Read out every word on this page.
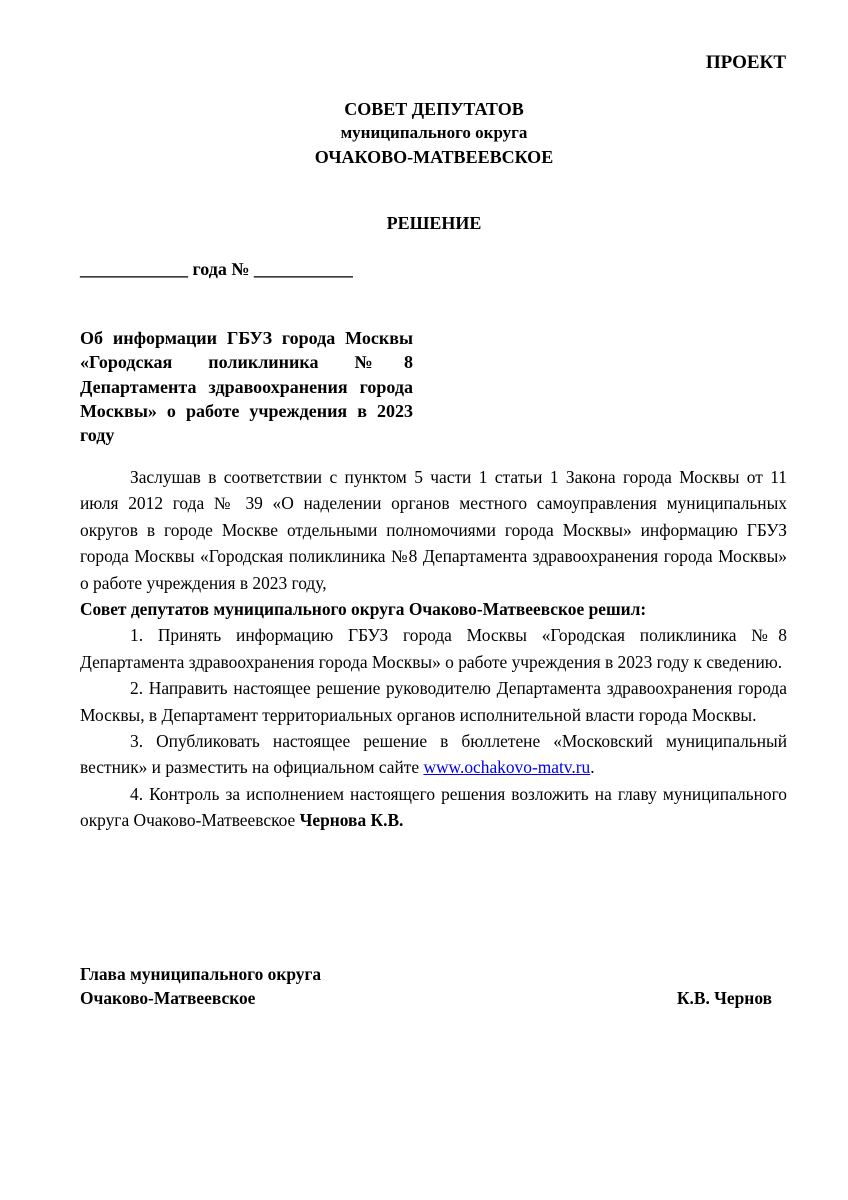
ПРОЕКТ
СОВЕТ ДЕПУТАТОВ
муниципального округа
ОЧАКОВО-МАТВЕЕВСКОЕ
РЕШЕНИЕ
____________ года № ___________
Об информации ГБУЗ города Москвы «Городская поликлиника №8 Департамента здравоохранения города Москвы» о работе учреждения в 2023 году

Заслушав в соответствии с пунктом 5 части 1 статьи 1 Закона города Москвы от 11 июля 2012 года № 39 «О наделении органов местного самоуправления муниципальных округов в городе Москве отдельными полномочиями города Москвы» информацию ГБУЗ города Москвы «Городская поликлиника №8 Департамента здравоохранения города Москвы» о работе учреждения в 2023 году,

Совет депутатов муниципального округа Очаково-Матвеевское решил:

1. Принять информацию ГБУЗ города Москвы «Городская поликлиника №8 Департамента здравоохранения города Москвы» о работе учреждения в 2023 году к сведению.

2. Направить настоящее решение руководителю Департамента здравоохранения города Москвы, в Департамент территориальных органов исполнительной власти города Москвы.

3. Опубликовать настоящее решение в бюллетене «Московский муниципальный вестник» и разместить на официальном сайте www.ochakovo-matv.ru.

4. Контроль за исполнением настоящего решения возложить на главу муниципального округа Очаково-Матвеевское Чернова К.В.

Глава муниципального округа
Очаково-Матвеевское	К.В. Чернов
